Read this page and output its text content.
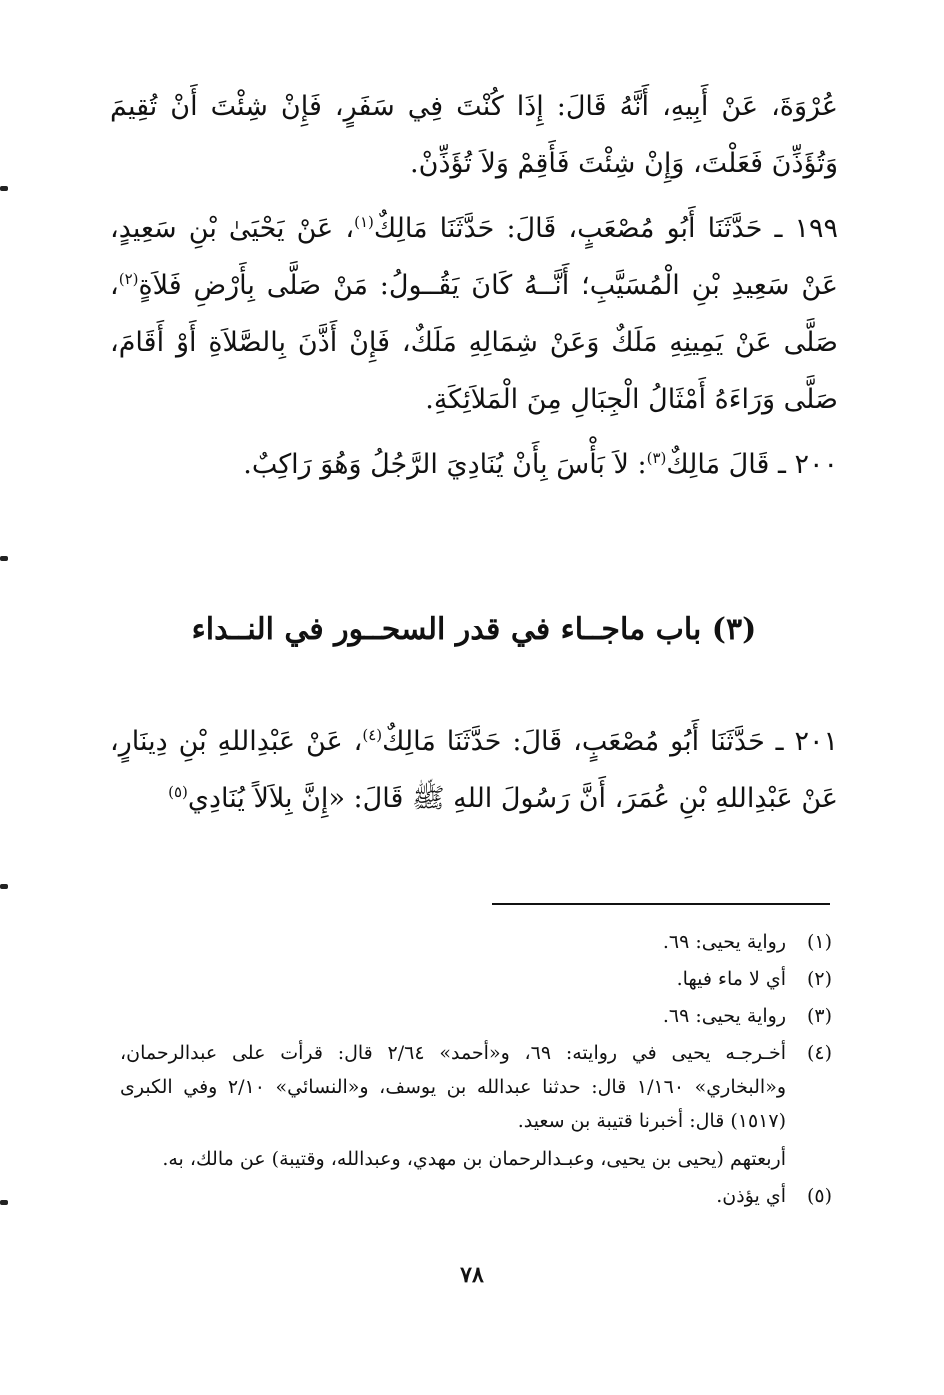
عُرْوَةَ، عَنْ أَبِيهِ، أَنَّهُ قَالَ: إِذَا كُنْتَ فِي سَفَرٍ، فَإِنْ شِئْتَ أَنْ تُقِيمَ وَتُؤَذِّنَ فَعَلْتَ، وَإِنْ شِئْتَ فَأَقِمْ وَلاَ تُؤَذِّنْ.

١٩٩ ـ حَدَّثَنَا أَبُو مُصْعَبٍ، قَالَ: حَدَّثَنَا مَالِكٌ$^{(١)}$، عَنْ يَحْيَىٰ بْنِ سَعِيدٍ، عَنْ سَعِيدِ بْنِ الْمُسَيَّبِ؛ أَنَّــهُ كَانَ يَقُــولُ: مَنْ صَلَّى بِأَرْضِ فَلاَةٍ$^{(٢)}$، صَلَّى عَنْ يَمِينِهِ مَلَكٌ وَعَنْ شِمَالِهِ مَلَكٌ، فَإِنْ أَذَّنَ بِالصَّلاَةِ أَوْ أَقَامَ، صَلَّى وَرَاءَهُ أَمْثَالُ الْجِبَالِ مِنَ الْمَلاَئِكَةِ.

٢٠٠ ـ قَالَ مَالِكٌ$^{(٣)}$: لاَ بَأْسَ بِأَنْ يُنَادِيَ الرَّجُلُ وَهُوَ رَاكِبٌ.

(٣) باب ماجــاء في قدر السحــور في النــداء

٢٠١ ـ حَدَّثَنَا أَبُو مُصْعَبٍ، قَالَ: حَدَّثَنَا مَالِكٌ$^{(٤)}$، عَنْ عَبْدِاللهِ بْنِ دِينَارٍ، عَنْ عَبْدِاللهِ بْنِ عُمَرَ، أَنَّ رَسُولَ اللهِ ﷺ قَالَ: «إِنَّ بِلاَلاً يُنَادِي$^{(٥)}$

(١)
رواية يحيى: ٦٩.
(٢)
أي لا ماء فيها.
(٣)
رواية يحيى: ٦٩.
(٤)
أخـرجـه يحيى في روايته: ٦٩، و«أحمد» ٢/٦٤ قال: قرأت على عبدالرحمان، و«البخاري» ١/١٦٠ قال: حدثنا عبدالله بن يوسف، و«النسائي» ٢/١٠ وفي الكبرى (١٥١٧) قال: أخبرنا قتيبة بن سعيد.
أربعتهم (يحيى بن يحيى، وعبـدالرحمان بن مهدي، وعبدالله، وقتيبة) عن مالك، به.
(٥)
أي يؤذن.
٧٨
